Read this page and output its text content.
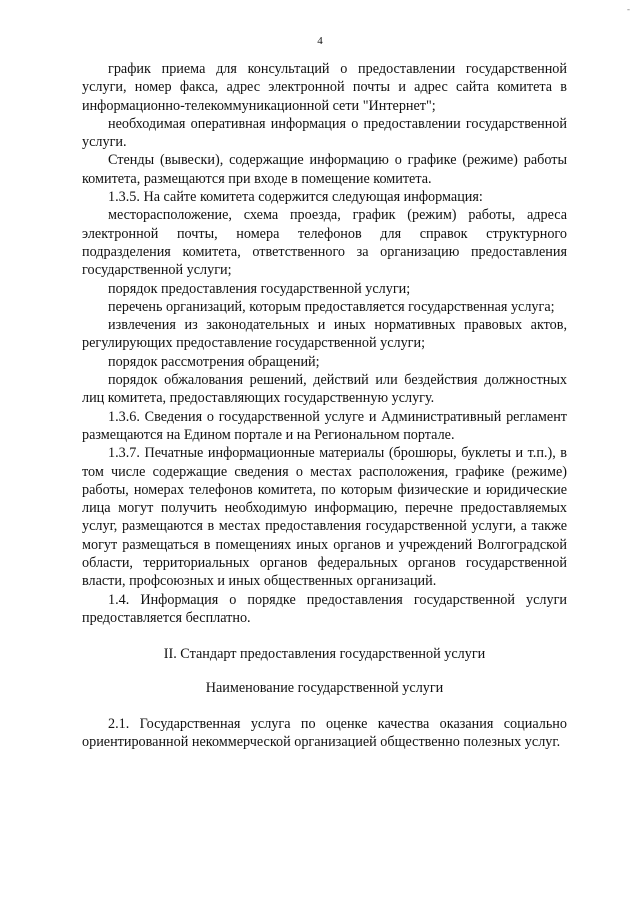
-
4

график приема для консультаций о предоставлении государственной услуги, номер факса, адрес электронной почты и адрес сайта комитета в информационно-телекоммуникационной сети "Интернет";

необходимая оперативная информация о предоставлении государственной услуги.

Стенды (вывески), содержащие информацию о графике (режиме) работы комитета, размещаются при входе в помещение комитета.

1.3.5. На сайте комитета содержится следующая информация:

месторасположение, схема проезда, график (режим) работы, адреса электронной почты, номера телефонов для справок структурного подразделения комитета, ответственного за организацию предоставления государственной услуги;

порядок предоставления государственной услуги;

перечень организаций, которым предоставляется государственная услуга;

извлечения из законодательных и иных нормативных правовых актов, регулирующих предоставление государственной услуги;

порядок рассмотрения обращений;

порядок обжалования решений, действий или бездействия должностных лиц комитета, предоставляющих государственную услугу.

1.3.6. Сведения о государственной услуге и Административный регламент размещаются на Едином портале и на Региональном портале.

1.3.7. Печатные информационные материалы (брошюры, буклеты и т.п.), в том числе содержащие сведения о местах расположения, графике (режиме) работы, номерах телефонов комитета, по которым физические и юридические лица могут получить необходимую информацию, перечне предоставляемых услуг, размещаются в местах предоставления государственной услуги, а также могут размещаться в помещениях иных органов и учреждений Волгоградской области, территориальных органов федеральных органов государственной власти, профсоюзных и иных общественных организаций.

1.4. Информация о порядке предоставления государственной услуги предоставляется бесплатно.

II. Стандарт предоставления государственной услуги

Наименование государственной услуги

2.1. Государственная услуга по оценке качества оказания социально ориентированной некоммерческой организацией общественно полезных услуг.
